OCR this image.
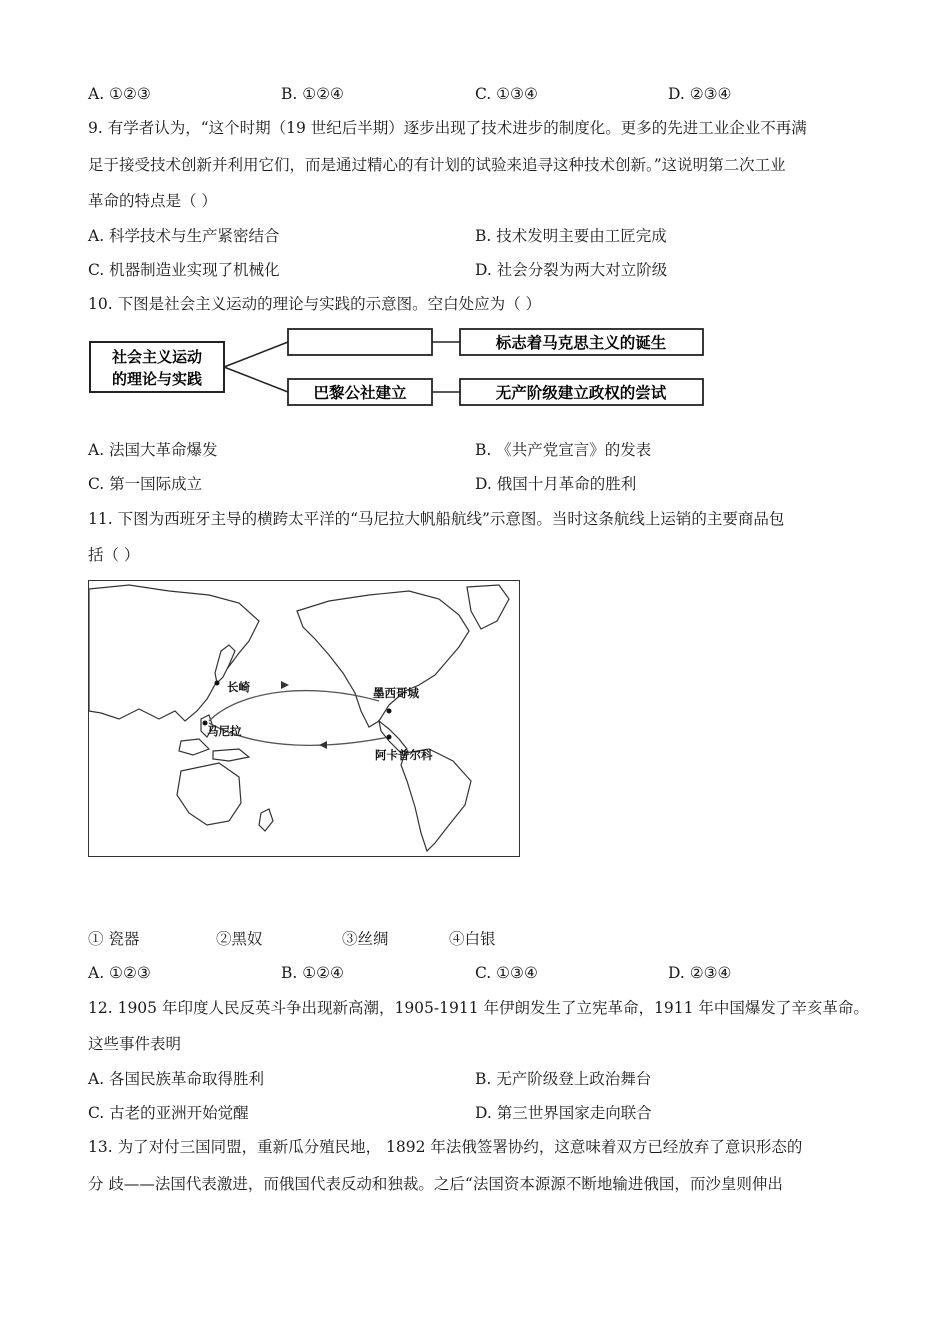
A. ①②③	B. ①②④	C. ①③④	D. ②③④
9. 有学者认为，“这个时期（19 世纪后半期）逐步出现了技术进步的制度化。更多的先进工业企业不再满
足于接受技术创新并利用它们，而是通过精心的有计划的试验来追寻这种技术创新。”这说明第二次工业
革命的特点是（ ）
A. 科学技术与生产紧密结合	B. 技术发明主要由工匠完成
C. 机器制造业实现了机械化	D. 社会分裂为两大对立阶级
10. 下图是社会主义运动的理论与实践的示意图。空白处应为（ ）
社会主义运动
的理论与实践
标志着马克思主义的诞生
巴黎公社建立	无产阶级建立政权的尝试
A. 法国大革命爆发	B. 《共产党宣言》的发表
C. 第一国际成立	D. 俄国十月革命的胜利
11. 下图为西班牙主导的横跨太平洋的“马尼拉大帆船航线”示意图。当时这条航线上运销的主要商品包
括（ ）
长崎
马尼拉
墨西哥城
阿卡普尔科
① 瓷器	②黑奴	③丝绸	④白银
A. ①②③	B. ①②④	C. ①③④	D. ②③④
12. 1905 年印度人民反英斗争出现新高潮，1905-1911 年伊朗发生了立宪革命，1911 年中国爆发了辛亥革命。
这些事件表明
A. 各国民族革命取得胜利	B. 无产阶级登上政治舞台
C. 古老的亚洲开始觉醒	D. 第三世界国家走向联合
13. 为了对付三国同盟，重新瓜分殖民地， 1892 年法俄签署协约，这意味着双方已经放弃了意识形态的
分 歧——法国代表激进，而俄国代表反动和独裁。之后“法国资本源源不断地输进俄国，而沙皇则伸出
